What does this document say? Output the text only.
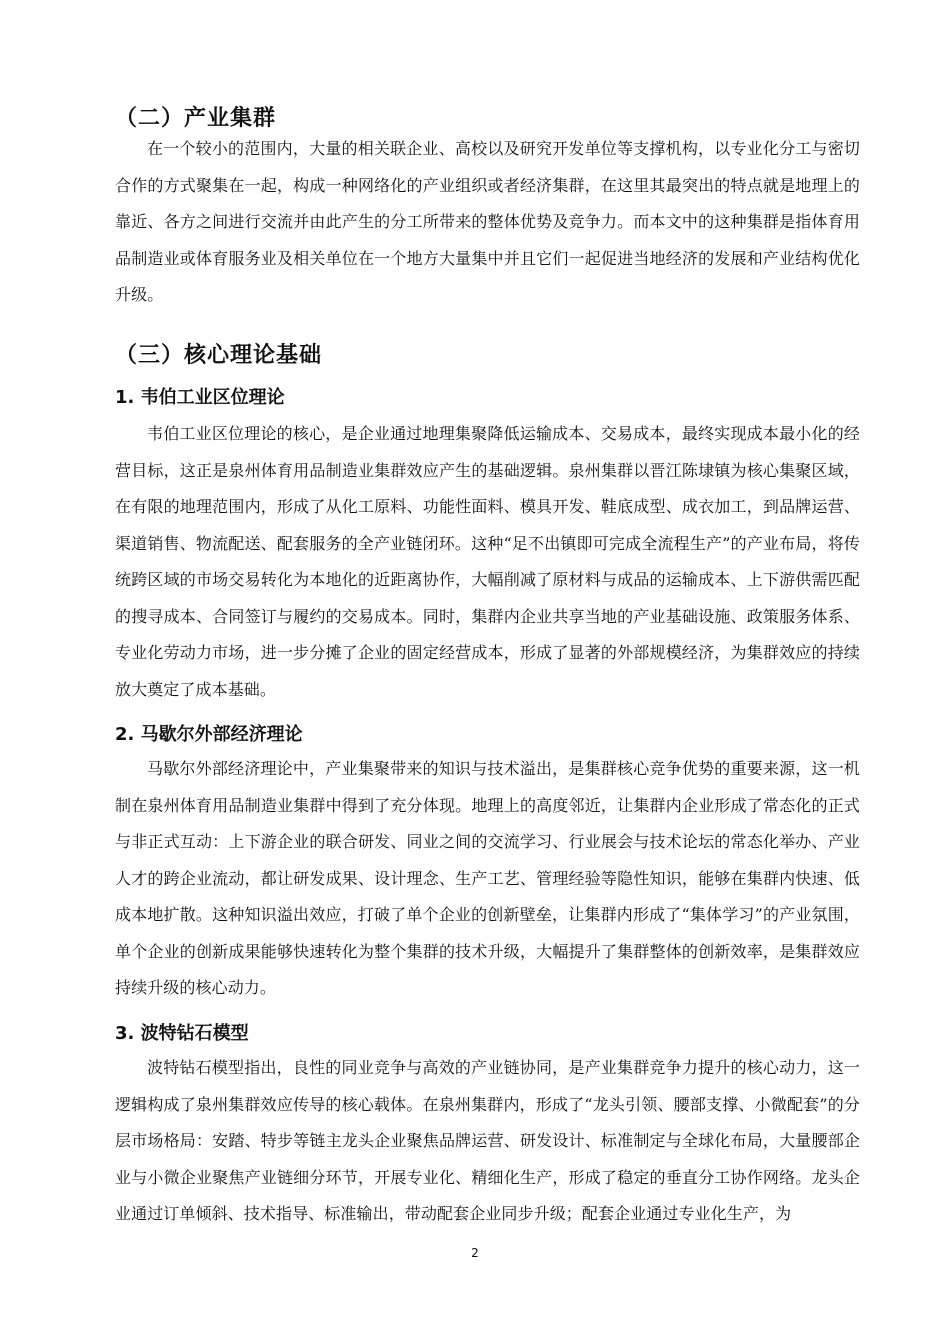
（二）产业集群

在一个较小的范围内，大量的相关联企业、高校以及研究开发单位等支撑机构，以专业化分工与密切合作的方式聚集在一起，构成一种网络化的产业组织或者经济集群，在这里其最突出的特点就是地理上的靠近、各方之间进行交流并由此产生的分工所带来的整体优势及竞争力。而本文中的这种集群是指体育用品制造业或体育服务业及相关单位在一个地方大量集中并且它们一起促进当地经济的发展和产业结构优化升级。

（三）核心理论基础
1. 韦伯工业区位理论

韦伯工业区位理论的核心，是企业通过地理集聚降低运输成本、交易成本，最终实现成本最小化的经营目标，这正是泉州体育用品制造业集群效应产生的基础逻辑。泉州集群以晋江陈埭镇为核心集聚区域，在有限的地理范围内，形成了从化工原料、功能性面料、模具开发、鞋底成型、成衣加工，到品牌运营、渠道销售、物流配送、配套服务的全产业链闭环。这种“足不出镇即可完成全流程生产”的产业布局，将传统跨区域的市场交易转化为本地化的近距离协作，大幅削减了原材料与成品的运输成本、上下游供需匹配的搜寻成本、合同签订与履约的交易成本。同时，集群内企业共享当地的产业基础设施、政策服务体系、专业化劳动力市场，进一步分摊了企业的固定经营成本，形成了显著的外部规模经济，为集群效应的持续放大奠定了成本基础。

2. 马歇尔外部经济理论

马歇尔外部经济理论中，产业集聚带来的知识与技术溢出，是集群核心竞争优势的重要来源，这一机制在泉州体育用品制造业集群中得到了充分体现。地理上的高度邻近，让集群内企业形成了常态化的正式与非正式互动：上下游企业的联合研发、同业之间的交流学习、行业展会与技术论坛的常态化举办、产业人才的跨企业流动，都让研发成果、设计理念、生产工艺、管理经验等隐性知识，能够在集群内快速、低成本地扩散。这种知识溢出效应，打破了单个企业的创新壁垒，让集群内形成了“集体学习”的产业氛围，单个企业的创新成果能够快速转化为整个集群的技术升级，大幅提升了集群整体的创新效率，是集群效应持续升级的核心动力。

3. 波特钻石模型

波特钻石模型指出，良性的同业竞争与高效的产业链协同，是产业集群竞争力提升的核心动力，这一逻辑构成了泉州集群效应传导的核心载体。在泉州集群内，形成了“龙头引领、腰部支撑、小微配套”的分层市场格局：安踏、特步等链主龙头企业聚焦品牌运营、研发设计、标准制定与全球化布局，大量腰部企业与小微企业聚焦产业链细分环节，开展专业化、精细化生产，形成了稳定的垂直分工协作网络。龙头企业通过订单倾斜、技术指导、标准输出，带动配套企业同步升级；配套企业通过专业化生产，为

2
